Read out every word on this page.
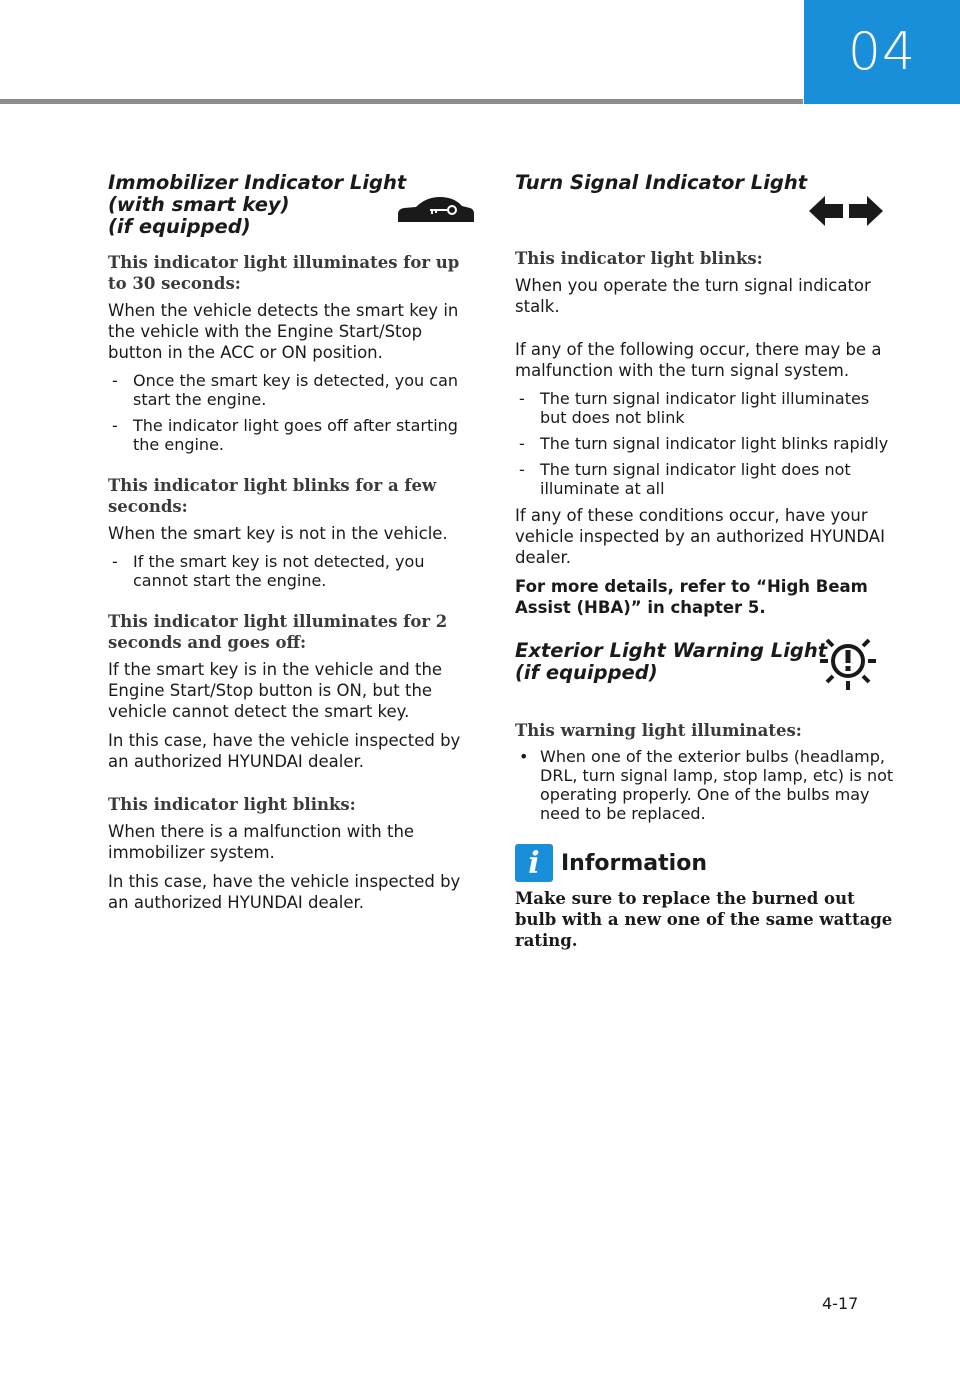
04
Immobilizer Indicator Light
(with smart key)
(if equipped)
This indicator light illuminates for up to 30 seconds:
When the vehicle detects the smart key in the vehicle with the Engine Start/Stop button in the ACC or ON position.
- Once the smart key is detected, you can start the engine.
- The indicator light goes off after starting the engine.
This indicator light blinks for a few seconds:
When the smart key is not in the vehicle.
- If the smart key is not detected, you cannot start the engine.
This indicator light illuminates for 2 seconds and goes off:
If the smart key is in the vehicle and the Engine Start/Stop button is ON, but the vehicle cannot detect the smart key.
In this case, have the vehicle inspected by an authorized HYUNDAI dealer.
This indicator light blinks:
When there is a malfunction with the immobilizer system.
In this case, have the vehicle inspected by an authorized HYUNDAI dealer.
Turn Signal Indicator Light
This indicator light blinks:
When you operate the turn signal indicator stalk.
If any of the following occur, there may be a malfunction with the turn signal system.
- The turn signal indicator light illuminates but does not blink
- The turn signal indicator light blinks rapidly
- The turn signal indicator light does not illuminate at all
If any of these conditions occur, have your vehicle inspected by an authorized HYUNDAI dealer.
For more details, refer to “High Beam Assist (HBA)” in chapter 5.
Exterior Light Warning Light
(if equipped)
This warning light illuminates:
• When one of the exterior bulbs (headlamp, DRL, turn signal lamp, stop lamp, etc) is not operating properly. One of the bulbs may need to be replaced.
i Information
Make sure to replace the burned out bulb with a new one of the same wattage rating.
4-17
